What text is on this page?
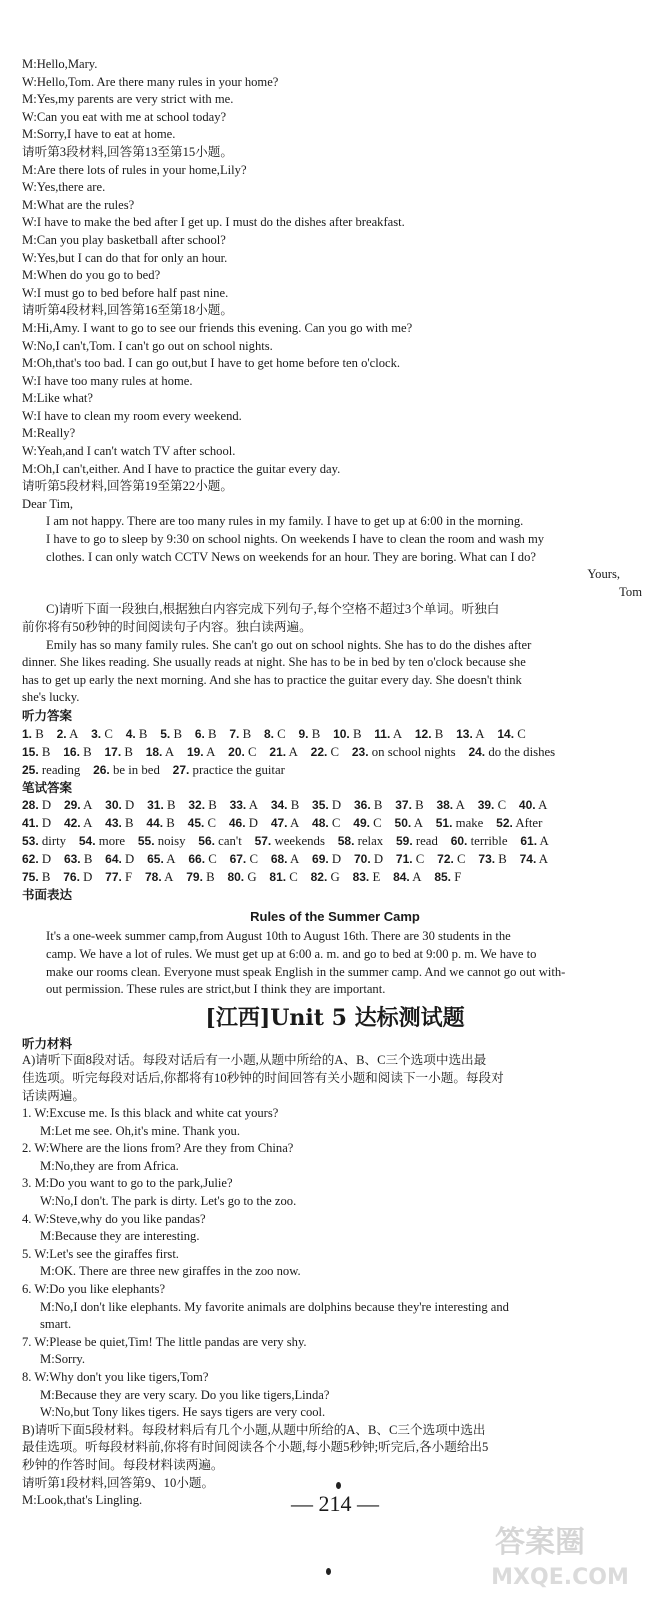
M:Hello,Mary.
W:Hello,Tom. Are there many rules in your home?
M:Yes,my parents are very strict with me.
W:Can you eat with me at school today?
M:Sorry,I have to eat at home.
请听第3段材料,回答第13至第15小题。
M:Are there lots of rules in your home,Lily?
W:Yes,there are.
M:What are the rules?
W:I have to make the bed after I get up. I must do the dishes after breakfast.
M:Can you play basketball after school?
W:Yes,but I can do that for only an hour.
M:When do you go to bed?
W:I must go to bed before half past nine.
请听第4段材料,回答第16至第18小题。
M:Hi,Amy. I want to go to see our friends this evening. Can you go with me?
W:No,I can't,Tom. I can't go out on school nights.
M:Oh,that's too bad. I can go out,but I have to get home before ten o'clock.
W:I have too many rules at home.
M:Like what?
W:I have to clean my room every weekend.
M:Really?
W:Yeah,and I can't watch TV after school.
M:Oh,I can't,either. And I have to practice the guitar every day.
请听第5段材料,回答第19至第22小题。
Dear Tim,
I am not happy. There are too many rules in my family. I have to get up at 6:00 in the morning.
I have to go to sleep by 9:30 on school nights. On weekends I have to clean the room and wash my
clothes. I can only watch CCTV News on weekends for an hour. They are boring. What can I do?
Yours,
Tom
C)请听下面一段独白,根据独白内容完成下列句子,每个空格不超过3个单词。听独白
前你将有50秒钟的时间阅读句子内容。独白读两遍。
Emily has so many family rules. She can't go out on school nights. She has to do the dishes after
dinner. She likes reading. She usually reads at night. She has to be in bed by ten o'clock because she
has to get up early the next morning. And she has to practice the guitar every day. She doesn't think
she's lucky.
听力答案
1. B   2. A   3. C   4. B   5. B   6. B   7. B   8. C   9. B   10. B   11. A   12. B   13. A   14. C
15. B   16. B   17. B   18. A   19. A   20. C   21. A   22. C   23. on school nights   24. do the dishes
25. reading   26. be in bed   27. practice the guitar
笔试答案
28. D   29. A   30. D   31. B   32. B   33. A   34. B   35. D   36. B   37. B   38. A   39. C   40. A
41. D   42. A   43. B   44. B   45. C   46. D   47. A   48. C   49. C   50. A   51. make   52. After
53. dirty   54. more   55. noisy   56. can't   57. weekends   58. relax   59. read   60. terrible   61. A
62. D   63. B   64. D   65. A   66. C   67. C   68. A   69. D   70. D   71. C   72. C   73. B   74. A
75. B   76. D   77. F   78. A   79. B   80. G   81. C   82. G   83. E   84. A   85. F
书面表达
Rules of the Summer Camp
It's a one-week summer camp,from August 10th to August 16th. There are 30 students in the
camp. We have a lot of rules. We must get up at 6:00 a. m. and go to bed at 9:00 p. m. We have to
make our rooms clean. Everyone must speak English in the summer camp. And we cannot go out with-
out permission. These rules are strict,but I think they are important.
[江西]Unit 5 达标测试题
听力材料
A)请听下面8段对话。每段对话后有一小题,从题中所给的A、B、C三个选项中选出最
佳选项。听完每段对话后,你都将有10秒钟的时间回答有关小题和阅读下一小题。每段对
话读两遍。
1. W:Excuse me. Is this black and white cat yours?
M:Let me see. Oh,it's mine. Thank you.
2. W:Where are the lions from? Are they from China?
M:No,they are from Africa.
3. M:Do you want to go to the park,Julie?
W:No,I don't. The park is dirty. Let's go to the zoo.
4. W:Steve,why do you like pandas?
M:Because they are interesting.
5. W:Let's see the giraffes first.
M:OK. There are three new giraffes in the zoo now.
6. W:Do you like elephants?
M:No,I don't like elephants. My favorite animals are dolphins because they're interesting and
smart.
7. W:Please be quiet,Tim! The little pandas are very shy.
M:Sorry.
8. W:Why don't you like tigers,Tom?
M:Because they are very scary. Do you like tigers,Linda?
W:No,but Tony likes tigers. He says tigers are very cool.
B)请听下面5段材料。每段材料后有几个小题,从题中所给的A、B、C三个选项中选出
最佳选项。听每段材料前,你将有时间阅读各个小题,每小题5秒钟;听完后,各小题给出5
秒钟的作答时间。每段材料读两遍。
请听第1段材料,回答第9、10小题。
M:Look,that's Lingling.	— 214 —
答案圈
MXQE.COM
